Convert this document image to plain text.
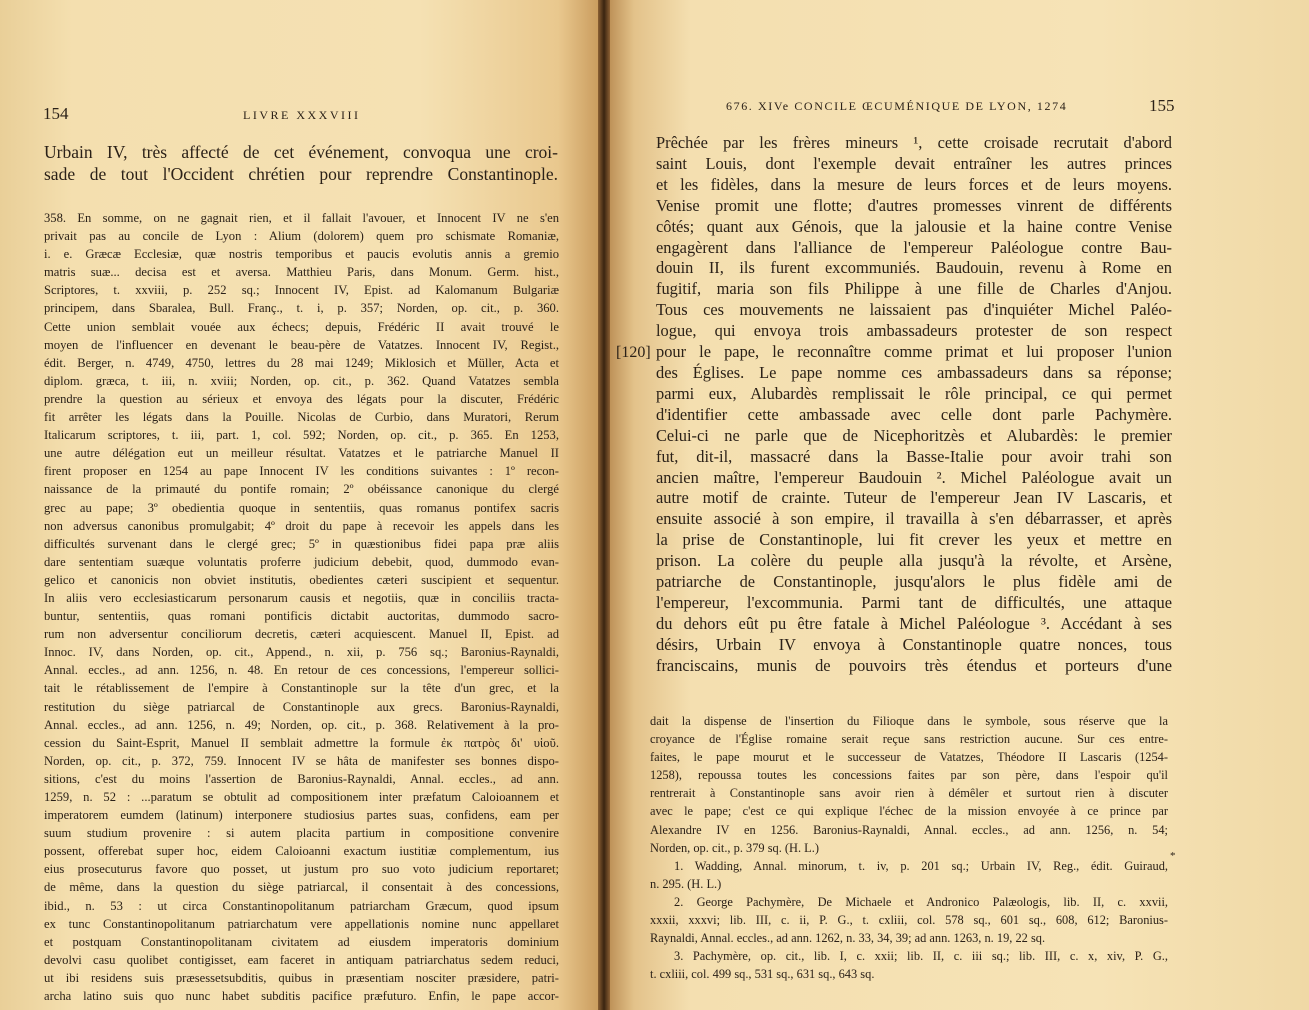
154	LIVRE XXXVIII
Urbain IV, très affecté de cet événement, convoqua une croi-
sade de tout l'Occident chrétien pour reprendre Constantinople.
358. En somme, on ne gagnait rien, et il fallait l'avouer, et Innocent IV ne s'en
privait pas au concile de Lyon : Alium (dolorem) quem pro schismate Romaniæ,
i. e. Græcæ Ecclesiæ, quæ nostris temporibus et paucis evolutis annis a gremio
matris suæ... decisa est et aversa. Matthieu Paris, dans Monum. Germ. hist.,
Scriptores, t. xxviii, p. 252 sq.; Innocent IV, Epist. ad Kalomanum Bulgariæ
principem, dans Sbaralea, Bull. Franç., t. i, p. 357; Norden, op. cit., p. 360.
Cette union semblait vouée aux échecs; depuis, Frédéric II avait trouvé le
moyen de l'influencer en devenant le beau-père de Vatatzes. Innocent IV, Regist.,
édit. Berger, n. 4749, 4750, lettres du 28 mai 1249; Miklosich et Müller, Acta et
diplom. græca, t. iii, n. xviii; Norden, op. cit., p. 362. Quand Vatatzes sembla
prendre la question au sérieux et envoya des légats pour la discuter, Frédéric
fit arrêter les légats dans la Pouille. Nicolas de Curbio, dans Muratori, Rerum
Italicarum scriptores, t. iii, part. 1, col. 592; Norden, op. cit., p. 365. En 1253,
une autre délégation eut un meilleur résultat. Vatatzes et le patriarche Manuel II
firent proposer en 1254 au pape Innocent IV les conditions suivantes : 1º recon-
naissance de la primauté du pontife romain; 2º obéissance canonique du clergé
grec au pape; 3º obedientia quoque in sententiis, quas romanus pontifex sacris
non adversus canonibus promulgabit; 4º droit du pape à recevoir les appels dans les
difficultés survenant dans le clergé grec; 5º in quæstionibus fidei papa præ aliis
dare sententiam suæque voluntatis proferre judicium debebit, quod, dummodo evan-
gelico et canonicis non obviet institutis, obedientes cæteri suscipient et sequentur.
In aliis vero ecclesiasticarum personarum causis et negotiis, quæ in conciliis tracta-
buntur, sententiis, quas romani pontificis dictabit auctoritas, dummodo sacro-
rum non adversentur conciliorum decretis, cæteri acquiescent. Manuel II, Epist. ad
Innoc. IV, dans Norden, op. cit., Append., n. xii, p. 756 sq.; Baronius-Raynaldi,
Annal. eccles., ad ann. 1256, n. 48. En retour de ces concessions, l'empereur sollici-
tait le rétablissement de l'empire à Constantinople sur la tête d'un grec, et la
restitution du siège patriarcal de Constantinople aux grecs. Baronius-Raynaldi,
Annal. eccles., ad ann. 1256, n. 49; Norden, op. cit., p. 368. Relativement à la pro-
cession du Saint-Esprit, Manuel II semblait admettre la formule ἐκ πατρὸς δι' υἱοῦ.
Norden, op. cit., p. 372, 759. Innocent IV se hâta de manifester ses bonnes dispo-
sitions, c'est du moins l'assertion de Baronius-Raynaldi, Annal. eccles., ad ann.
1259, n. 52 : ...paratum se obtulit ad compositionem inter præfatum Caloioannem et
imperatorem eumdem (latinum) interponere studiosius partes suas, confidens, eam per
suum studium provenire : si autem placita partium in compositione convenire
possent, offerebat super hoc, eidem Caloioanni exactum iustitiæ complementum, ius
eius prosecuturus favore quo posset, ut justum pro suo voto judicium reportaret;
de même, dans la question du siège patriarcal, il consentait à des concessions,
ibid., n. 53 : ut circa Constantinopolitanum patriarcham Græcum, quod ipsum
ex tunc Constantinopolitanum patriarchatum vere appellationis nomine nunc appellaret
et postquam Constantinopolitanam civitatem ad eiusdem imperatoris dominium
devolvi casu quolibet contigisset, eam faceret in antiquam patriarchatus sedem reduci,
ut ibi residens suis præsessetsubditis, quibus in præsentiam nosciter præsidere, patri-
archa latino suis quo nunc habet subditis pacifice præfuturo. Enfin, le pape accor-
676. XIVe CONCILE ŒCUMÉNIQUE DE LYON, 1274	155
[120]
Prêchée par les frères mineurs ¹, cette croisade recrutait d'abord
saint Louis, dont l'exemple devait entraîner les autres princes
et les fidèles, dans la mesure de leurs forces et de leurs moyens.
Venise promit une flotte; d'autres promesses vinrent de différents
côtés; quant aux Génois, que la jalousie et la haine contre Venise
engagèrent dans l'alliance de l'empereur Paléologue contre Bau-
douin II, ils furent excommuniés. Baudouin, revenu à Rome en
fugitif, maria son fils Philippe à une fille de Charles d'Anjou.
Tous ces mouvements ne laissaient pas d'inquiéter Michel Paléo-
logue, qui envoya trois ambassadeurs protester de son respect
pour le pape, le reconnaître comme primat et lui proposer l'union
des Églises. Le pape nomme ces ambassadeurs dans sa réponse;
parmi eux, Alubardès remplissait le rôle principal, ce qui permet
d'identifier cette ambassade avec celle dont parle Pachymère.
Celui-ci ne parle que de Nicephoritzès et Alubardès: le premier
fut, dit-il, massacré dans la Basse-Italie pour avoir trahi son
ancien maître, l'empereur Baudouin ². Michel Paléologue avait un
autre motif de crainte. Tuteur de l'empereur Jean IV Lascaris, et
ensuite associé à son empire, il travailla à s'en débarrasser, et après
la prise de Constantinople, lui fit crever les yeux et mettre en
prison. La colère du peuple alla jusqu'à la révolte, et Arsène,
patriarche de Constantinople, jusqu'alors le plus fidèle ami de
l'empereur, l'excommunia. Parmi tant de difficultés, une attaque
du dehors eût pu être fatale à Michel Paléologue ³. Accédant à ses
désirs, Urbain IV envoya à Constantinople quatre nonces, tous
franciscains, munis de pouvoirs très étendus et porteurs d'une
dait la dispense de l'insertion du Filioque dans le symbole, sous réserve que la
croyance de l'Église romaine serait reçue sans restriction aucune. Sur ces entre-
faites, le pape mourut et le successeur de Vatatzes, Théodore II Lascaris (1254-
1258), repoussa toutes les concessions faites par son père, dans l'espoir qu'il
rentrerait à Constantinople sans avoir rien à démêler et surtout rien à discuter
avec le pape; c'est ce qui explique l'échec de la mission envoyée à ce prince par
Alexandre IV en 1256. Baronius-Raynaldi, Annal. eccles., ad ann. 1256, n. 54;
Norden, op. cit., p. 379 sq. (H. L.)
1. Wadding, Annal. minorum, t. iv, p. 201 sq.; Urbain IV, Reg., édit. Guiraud,
n. 295. (H. L.)
2. George Pachymère, De Michaele et Andronico Palæologis, lib. II, c. xxvii,
xxxii, xxxvi; lib. III, c. ii, P. G., t. cxliii, col. 578 sq., 601 sq., 608, 612; Baronius-
Raynaldi, Annal. eccles., ad ann. 1262, n. 33, 34, 39; ad ann. 1263, n. 19, 22 sq.
3. Pachymère, op. cit., lib. I, c. xxii; lib. II, c. iii sq.; lib. III, c. x, xiv, P. G.,
t. cxliii, col. 499 sq., 531 sq., 631 sq., 643 sq.
*
